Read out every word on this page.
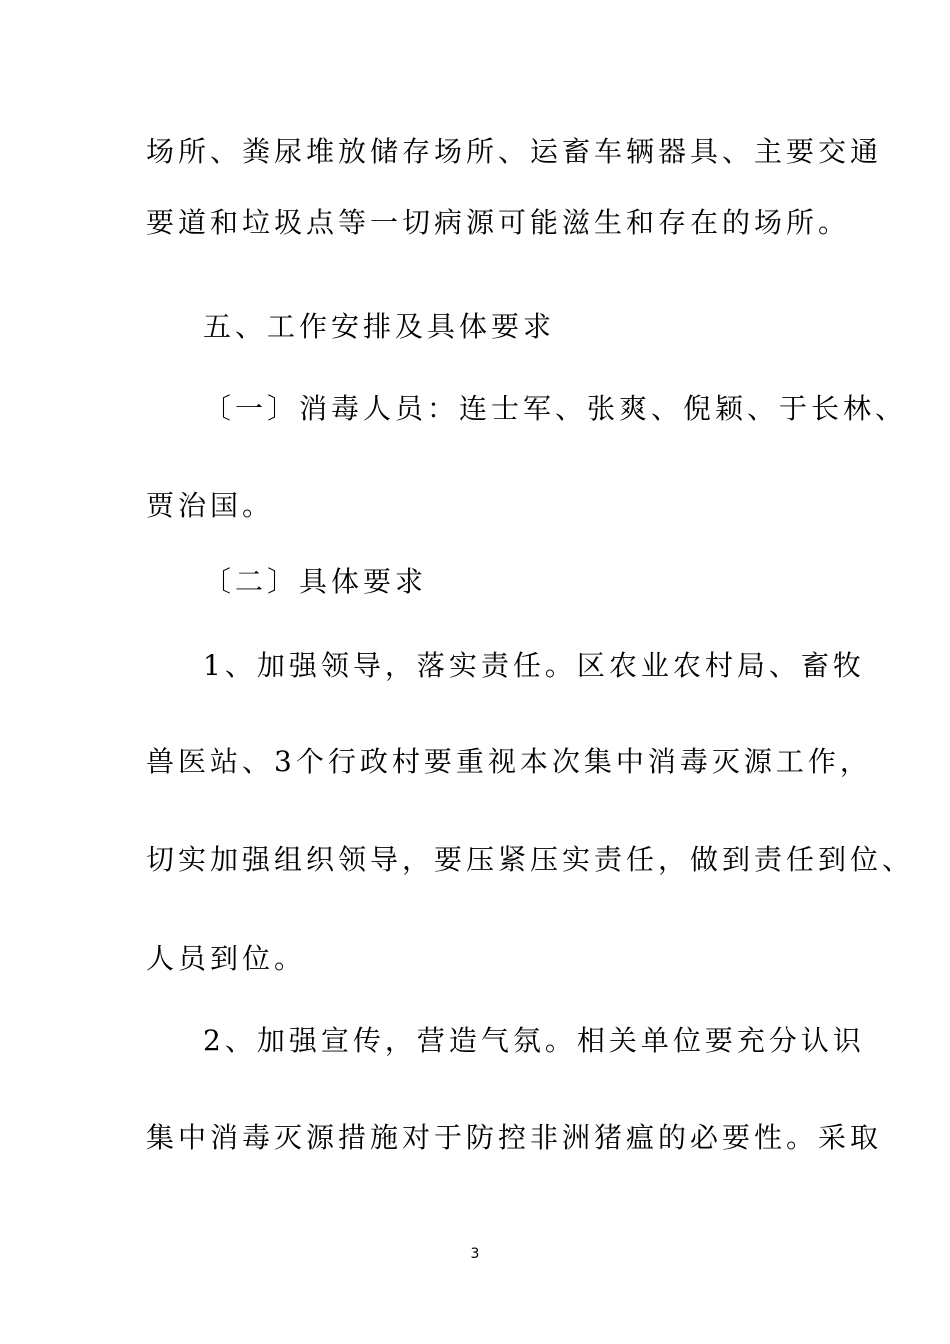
场所、粪尿堆放储存场所、运畜车辆器具、主要交通
要道和垃圾点等一切病源可能滋生和存在的场所。
五、工作安排及具体要求
〔一〕消毒人员：连士军、张爽、倪颖、于长林、
贾治国。
〔二〕具体要求
1、加强领导，落实责任。区农业农村局、畜牧
兽医站、3个行政村要重视本次集中消毒灭源工作，
切实加强组织领导，要压紧压实责任，做到责任到位、
人员到位。
2、加强宣传，营造气氛。相关单位要充分认识
集中消毒灭源措施对于防控非洲猪瘟的必要性。采取
3
